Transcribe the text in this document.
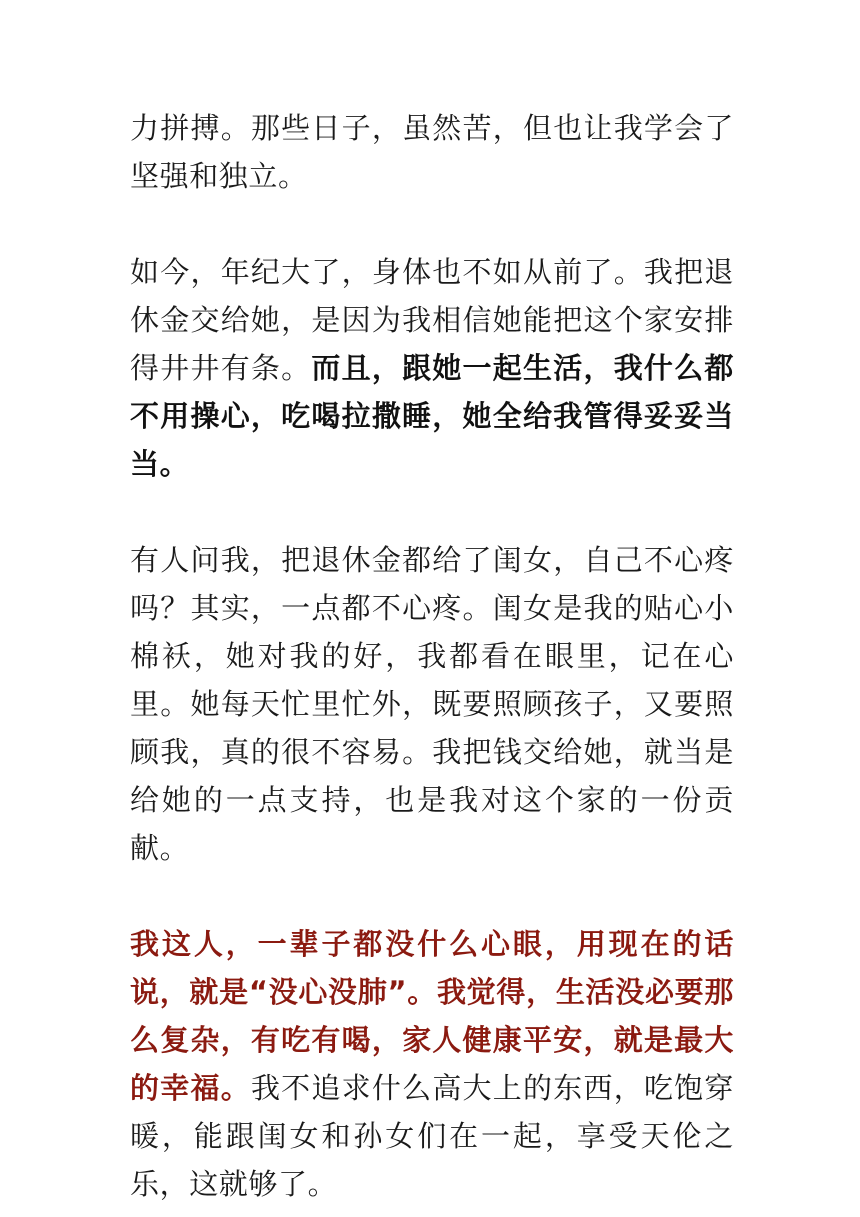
力拼搏。那些日子，虽然苦，但也让我学会了坚强和独立。

如今，年纪大了，身体也不如从前了。我把退休金交给她，是因为我相信她能把这个家安排得井井有条。而且，跟她一起生活，我什么都不用操心，吃喝拉撒睡，她全给我管得妥妥当当。

有人问我，把退休金都给了闺女，自己不心疼吗？其实，一点都不心疼。闺女是我的贴心小棉袄，她对我的好，我都看在眼里，记在心里。她每天忙里忙外，既要照顾孩子，又要照顾我，真的很不容易。我把钱交给她，就当是给她的一点支持，也是我对这个家的一份贡献。

我这人，一辈子都没什么心眼，用现在的话说，就是“没心没肺”。我觉得，生活没必要那么复杂，有吃有喝，家人健康平安，就是最大的幸福。我不追求什么高大上的东西，吃饱穿暖，能跟闺女和孙女们在一起，享受天伦之乐，这就够了。
